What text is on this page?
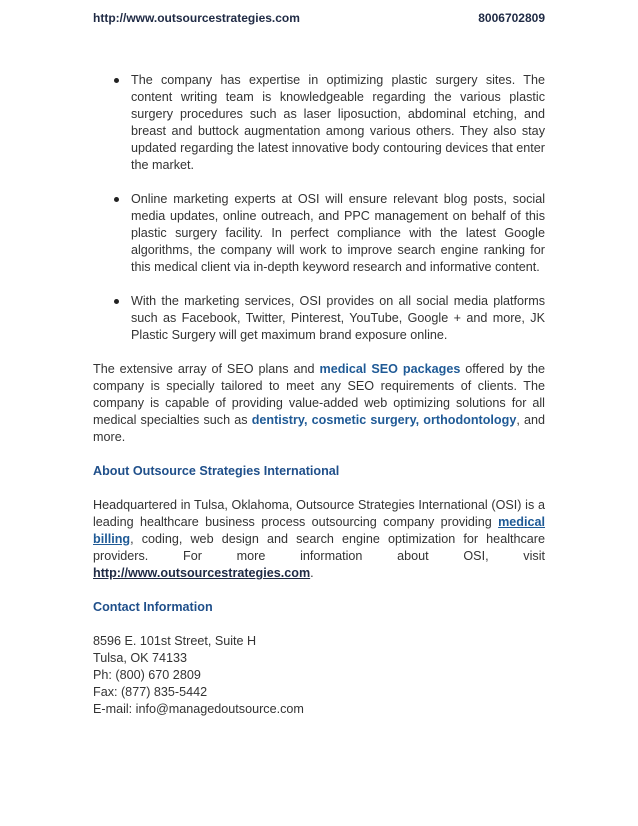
http://www.outsourcestrategies.com	8006702809
The company has expertise in optimizing plastic surgery sites. The content writing team is knowledgeable regarding the various plastic surgery procedures such as laser liposuction, abdominal etching, and breast and buttock augmentation among various others. They also stay updated regarding the latest innovative body contouring devices that enter the market.
Online marketing experts at OSI will ensure relevant blog posts, social media updates, online outreach, and PPC management on behalf of this plastic surgery facility. In perfect compliance with the latest Google algorithms, the company will work to improve search engine ranking for this medical client via in-depth keyword research and informative content.
With the marketing services, OSI provides on all social media platforms such as Facebook, Twitter, Pinterest, YouTube, Google + and more, JK Plastic Surgery will get maximum brand exposure online.

The extensive array of SEO plans and medical SEO packages offered by the company is specially tailored to meet any SEO requirements of clients. The company is capable of providing value-added web optimizing solutions for all medical specialties such as dentistry, cosmetic surgery, orthodontology, and more.

About Outsource Strategies International

Headquartered in Tulsa, Oklahoma, Outsource Strategies International (OSI) is a leading healthcare business process outsourcing company providing medical billing, coding, web design and search engine optimization for healthcare providers. For more information about OSI, visit http://www.outsourcestrategies.com.

Contact Information
8596 E. 101st Street, Suite H
Tulsa, OK 74133
Ph: (800) 670 2809
Fax: (877) 835-5442
E-mail: info@managedoutsource.com
